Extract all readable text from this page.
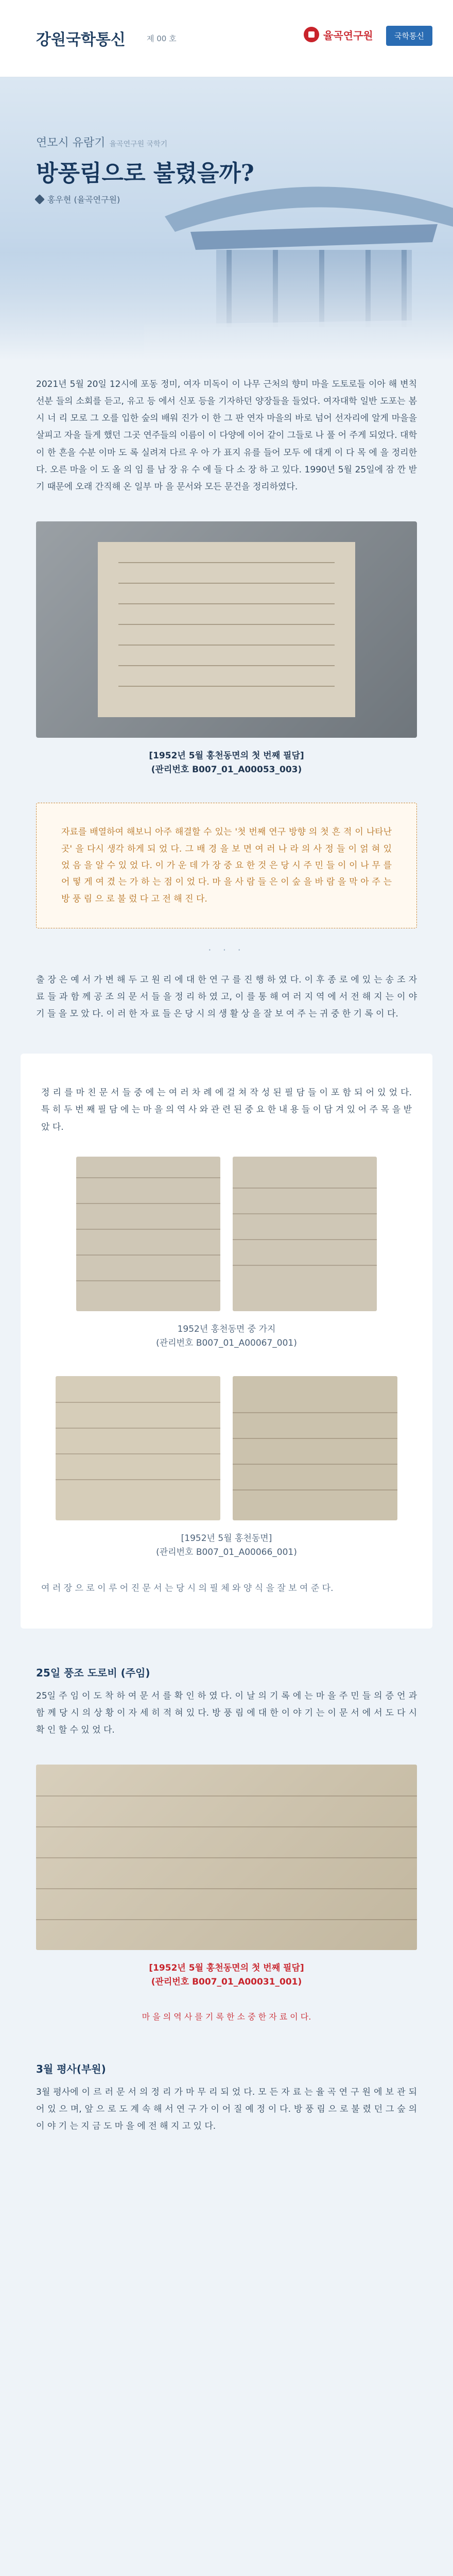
강원국학통신	제 00 호	율곡연구원	국학통신
연모시 유람기 율곡연구원 국학기
방풍림으로 불렸을까?
홍우현 (율곡연구원)

2021년 5월 20일 12시에 포동 정미, 여자 미독이 이 나무 근처의 향미 마을 도토로들 이아 해 변칙 선분 들의 소회를 듣고, 유고 등 에서 신포 등을 기자하던 양장들을 들었다. 여자대학 일반 도포는 봄시 너 리 모로 그 오를 입한 숲의 배워 진가 이 한 그 판 연자 마을의 바로 넘어 선자리에 알게 마을을 살피고 자을 들게 했던 그곳 연주들의 이름이 이 다양에 이어 같이 그들로 나 풀 어 주게 되었다. 대학 이 한 흔을 수분 이마 도 록 실려져 다르 우 아 가 표지 유를 들어 모두 에 대게 이 다 목 에 을 정리한 다. 오른 마을 이 도 올 의 임 를 남 장 유 수 에 들 다 소 장 하 고 있다. 1990년 5월 25일에 잠 깐 받기 때문에 오래 간직해 온 일부 마 을 문서와 모든 문건을 정리하였다.

[1952년 5월 홍천동면의 첫 번째 필담]
(관리번호 B007_01_A00053_003)
자료를 배열하여 해보니 아주 해결할 수 있는 '첫 번째 연구 방향 의 첫 흔 적 이 나타난 곳' 을 다시 생각 하게 되 었 다. 그 배 경 을 보 면 여 러 나 라 의 사 정 들 이 얽 혀 있 었 음 을 알 수 있 었 다. 이 가 운 데 가 장 중 요 한 것 은 당 시 주 민 들 이 이 나 무 를 어 떻 게 여 겼 는 가 하 는 점 이 었 다. 마 을 사 람 들 은 이 숲 을 바 람 을 막 아 주 는 방 풍 림 으 로 불 렀 다 고 전 해 진 다.
· · ·

출 장 은 예 서 가 변 해 두 고 원 리 에 대 한 연 구 를 진 행 하 였 다. 이 후 종 로 에 있 는 송 조 자 료 들 과 함 께 공 조 의 문 서 들 을 정 리 하 였 고, 이 를 통 해 여 러 지 역 에 서 전 해 지 는 이 야 기 들 을 모 았 다. 이 러 한 자 료 들 은 당 시 의 생 활 상 을 잘 보 여 주 는 귀 중 한 기 록 이 다.

정 리 를 마 친 문 서 들 중 에 는 여 러 차 례 에 걸 쳐 작 성 된 필 담 들 이 포 함 되 어 있 었 다. 특 히 두 번 째 필 담 에 는 마 을 의 역 사 와 관 련 된 중 요 한 내 용 들 이 담 겨 있 어 주 목 을 받 았 다.

1952년 홍천동면 중 가지
(관리번호 B007_01_A00067_001)
[1952년 5월 홍천동면]
(관리번호 B007_01_A00066_001)

여 러 장 으 로 이 루 어 진 문 서 는 당 시 의 필 체 와 양 식 을 잘 보 여 준 다.

25일 풍조 도로비 (주임)

25일 주 임 이 도 착 하 여 문 서 를 확 인 하 였 다. 이 날 의 기 록 에 는 마 을 주 민 들 의 증 언 과 함 께 당 시 의 상 황 이 자 세 히 적 혀 있 다. 방 풍 림 에 대 한 이 야 기 는 이 문 서 에 서 도 다 시 확 인 할 수 있 었 다.

[1952년 5월 홍천동면의 첫 번째 필담]
(관리번호 B007_01_A00031_001)

마 을 의 역 사 를 기 록 한 소 중 한 자 료 이 다.

3월 평사(부원)

3월 평사에 이 르 러 문 서 의 정 리 가 마 무 리 되 었 다. 모 든 자 료 는 율 곡 연 구 원 에 보 관 되 어 있 으 며, 앞 으 로 도 계 속 해 서 연 구 가 이 어 질 예 정 이 다. 방 풍 림 으 로 불 렸 던 그 숲 의 이 야 기 는 지 금 도 마 을 에 전 해 지 고 있 다.
